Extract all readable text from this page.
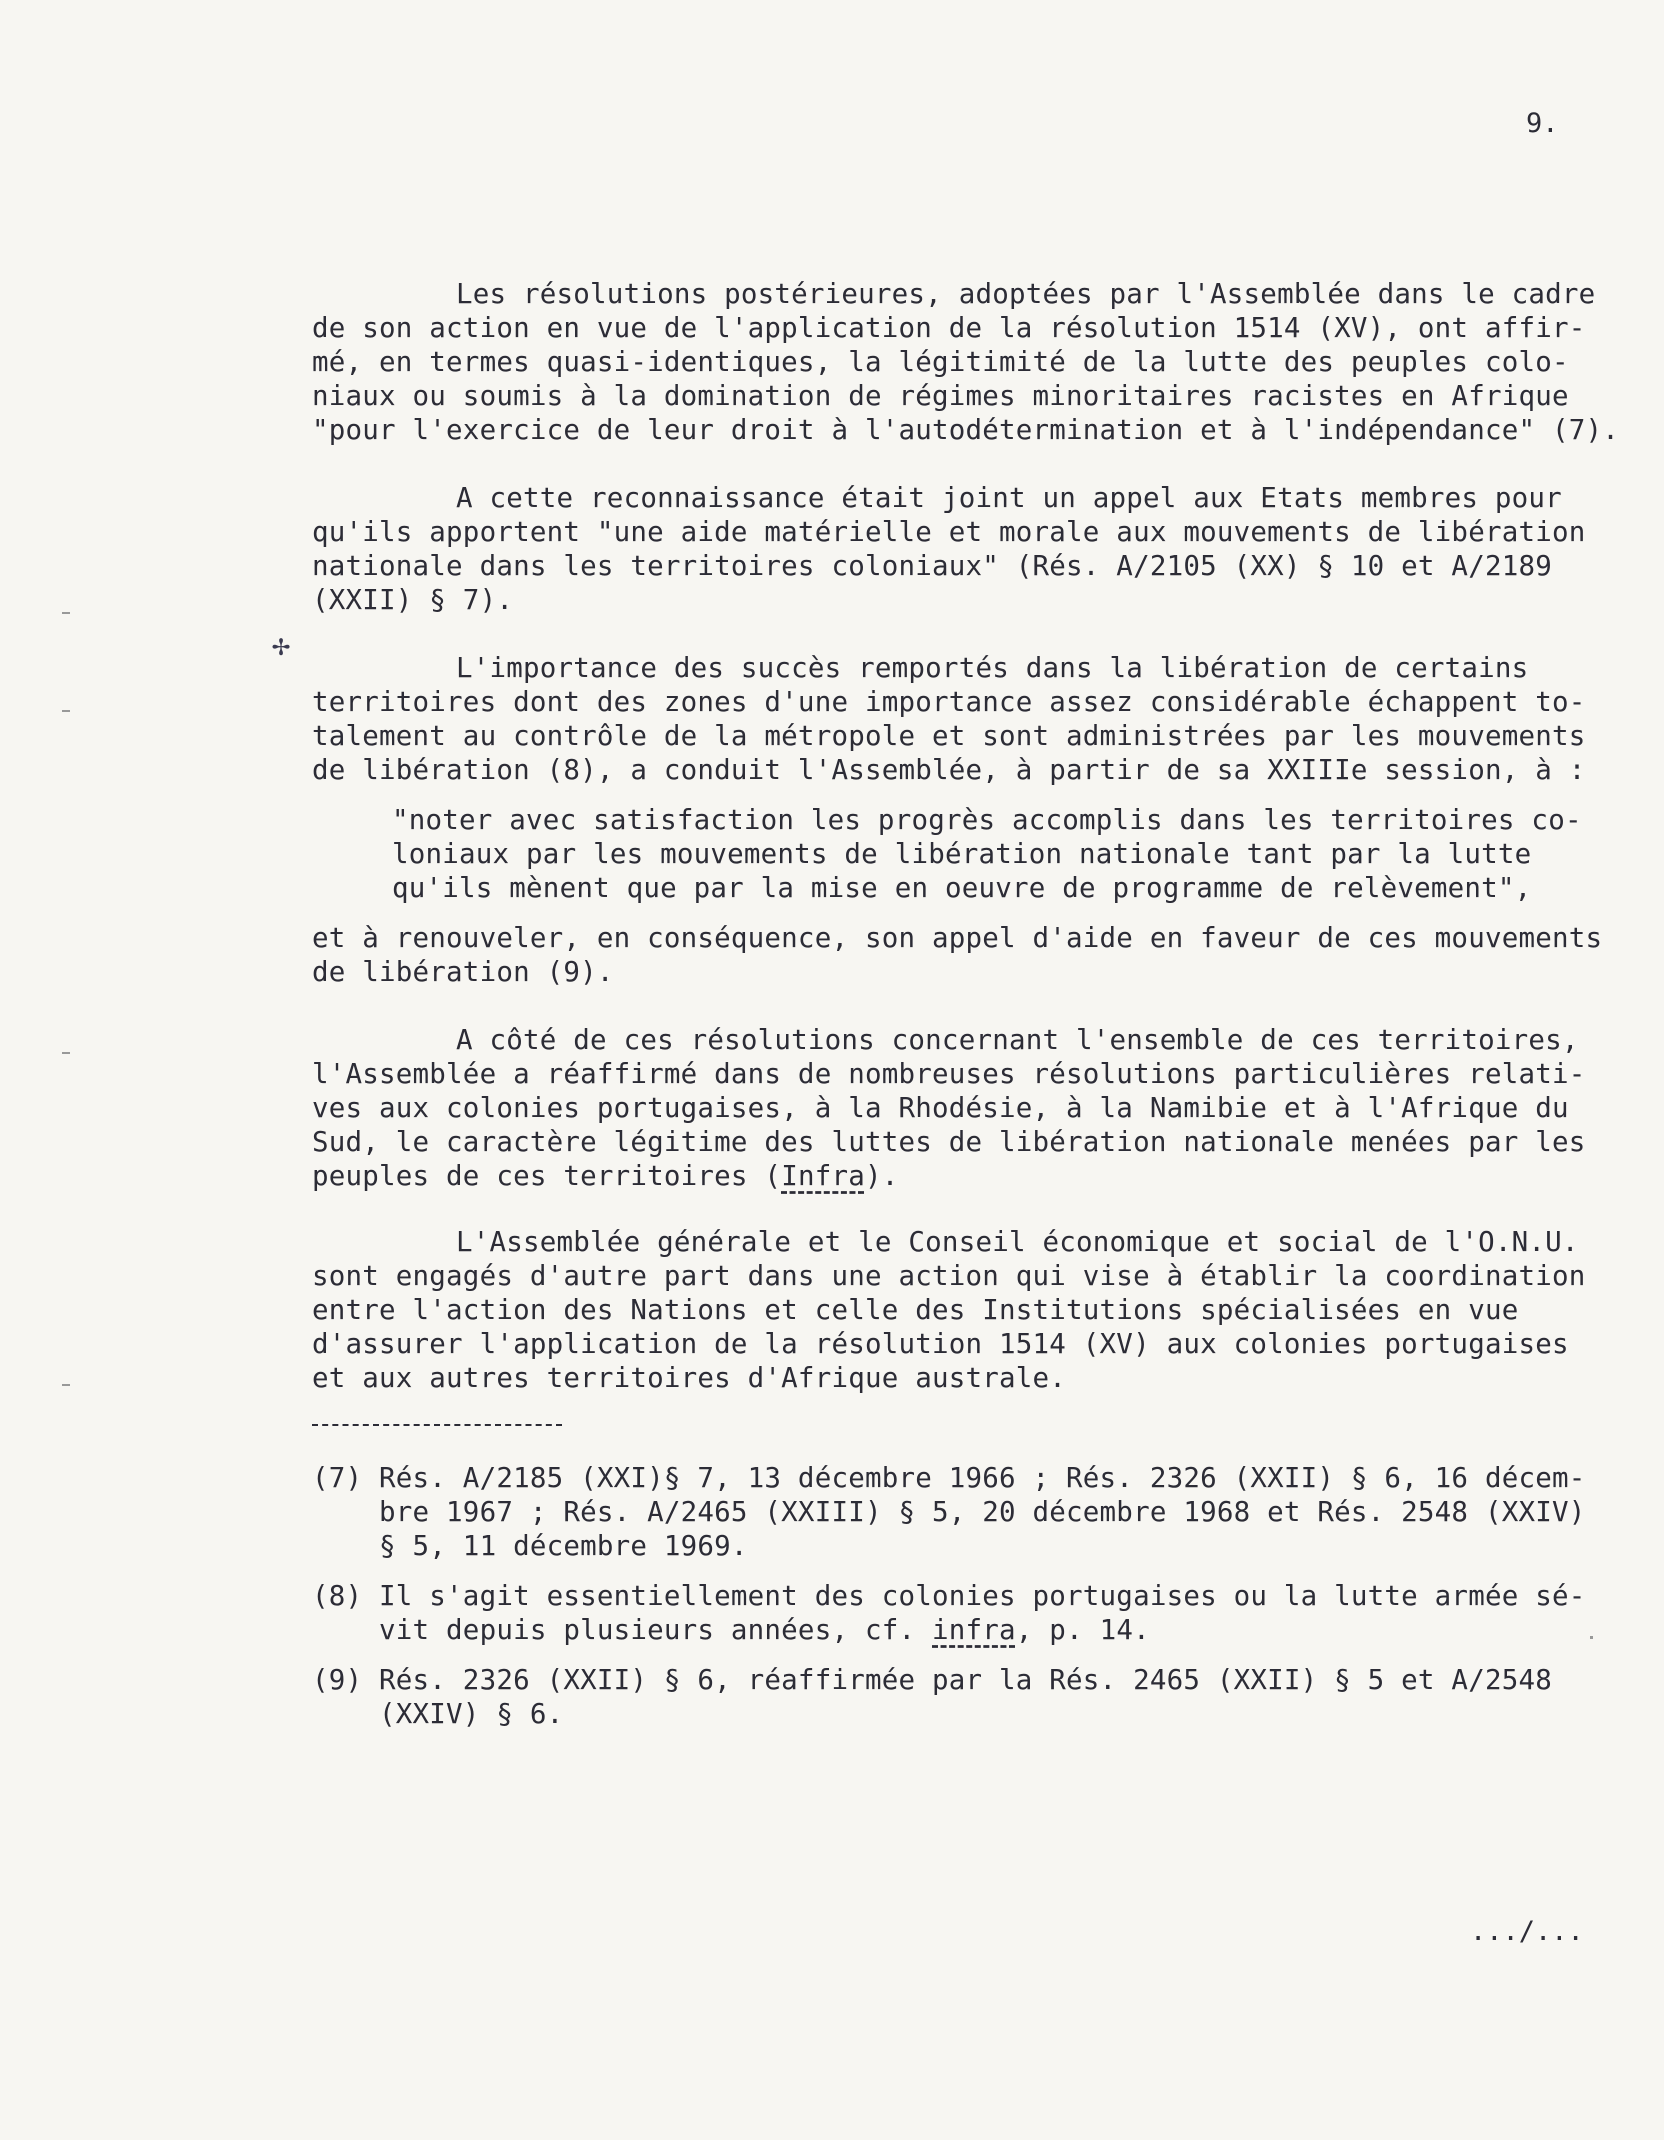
9.
Les résolutions postérieures, adoptées par l'Assemblée dans le cadre
de son action en vue de l'application de la résolution 1514 (XV), ont affir-
mé, en termes quasi-identiques, la légitimité de la lutte des peuples colo-
niaux ou soumis à la domination de régimes minoritaires racistes en Afrique
"pour l'exercice de leur droit à l'autodétermination et à l'indépendance" (7).
A cette reconnaissance était joint un appel aux Etats membres pour
qu'ils apportent "une aide matérielle et morale aux mouvements de libération
nationale dans les territoires coloniaux" (Rés. A/2105 (XX) § 10 et A/2189
(XXII) § 7).
L'importance des succès remportés dans la libération de certains
territoires dont des zones d'une importance assez considérable échappent to-
talement au contrôle de la métropole et sont administrées par les mouvements
de libération (8), a conduit l'Assemblée, à partir de sa XXIIIe session, à :
"noter avec satisfaction les progrès accomplis dans les territoires co-
loniaux par les mouvements de libération nationale tant par la lutte
qu'ils mènent que par la mise en oeuvre de programme de relèvement",
et à renouveler, en conséquence, son appel d'aide en faveur de ces mouvements
de libération (9).
A côté de ces résolutions concernant l'ensemble de ces territoires,
l'Assemblée a réaffirmé dans de nombreuses résolutions particulières relati-
ves aux colonies portugaises, à la Rhodésie, à la Namibie et à l'Afrique du
Sud, le caractère légitime des luttes de libération nationale menées par les
peuples de ces territoires (Infra).
L'Assemblée générale et le Conseil économique et social de l'O.N.U.
sont engagés d'autre part dans une action qui vise à établir la coordination
entre l'action des Nations et celle des Institutions spécialisées en vue
d'assurer l'application de la résolution 1514 (XV) aux colonies portugaises
et aux autres territoires d'Afrique australe.
(7) Rés. A/2185 (XXI)§ 7, 13 décembre 1966 ; Rés. 2326 (XXII) § 6, 16 décem-
bre 1967 ; Rés. A/2465 (XXIII) § 5, 20 décembre 1968 et Rés. 2548 (XXIV)
§ 5, 11 décembre 1969.
(8) Il s'agit essentiellement des colonies portugaises ou la lutte armée sé-
vit depuis plusieurs années, cf. infra, p. 14.
(9) Rés. 2326 (XXII) § 6, réaffirmée par la Rés. 2465 (XXII) § 5 et A/2548
(XXIV) § 6.
.../...
✢
